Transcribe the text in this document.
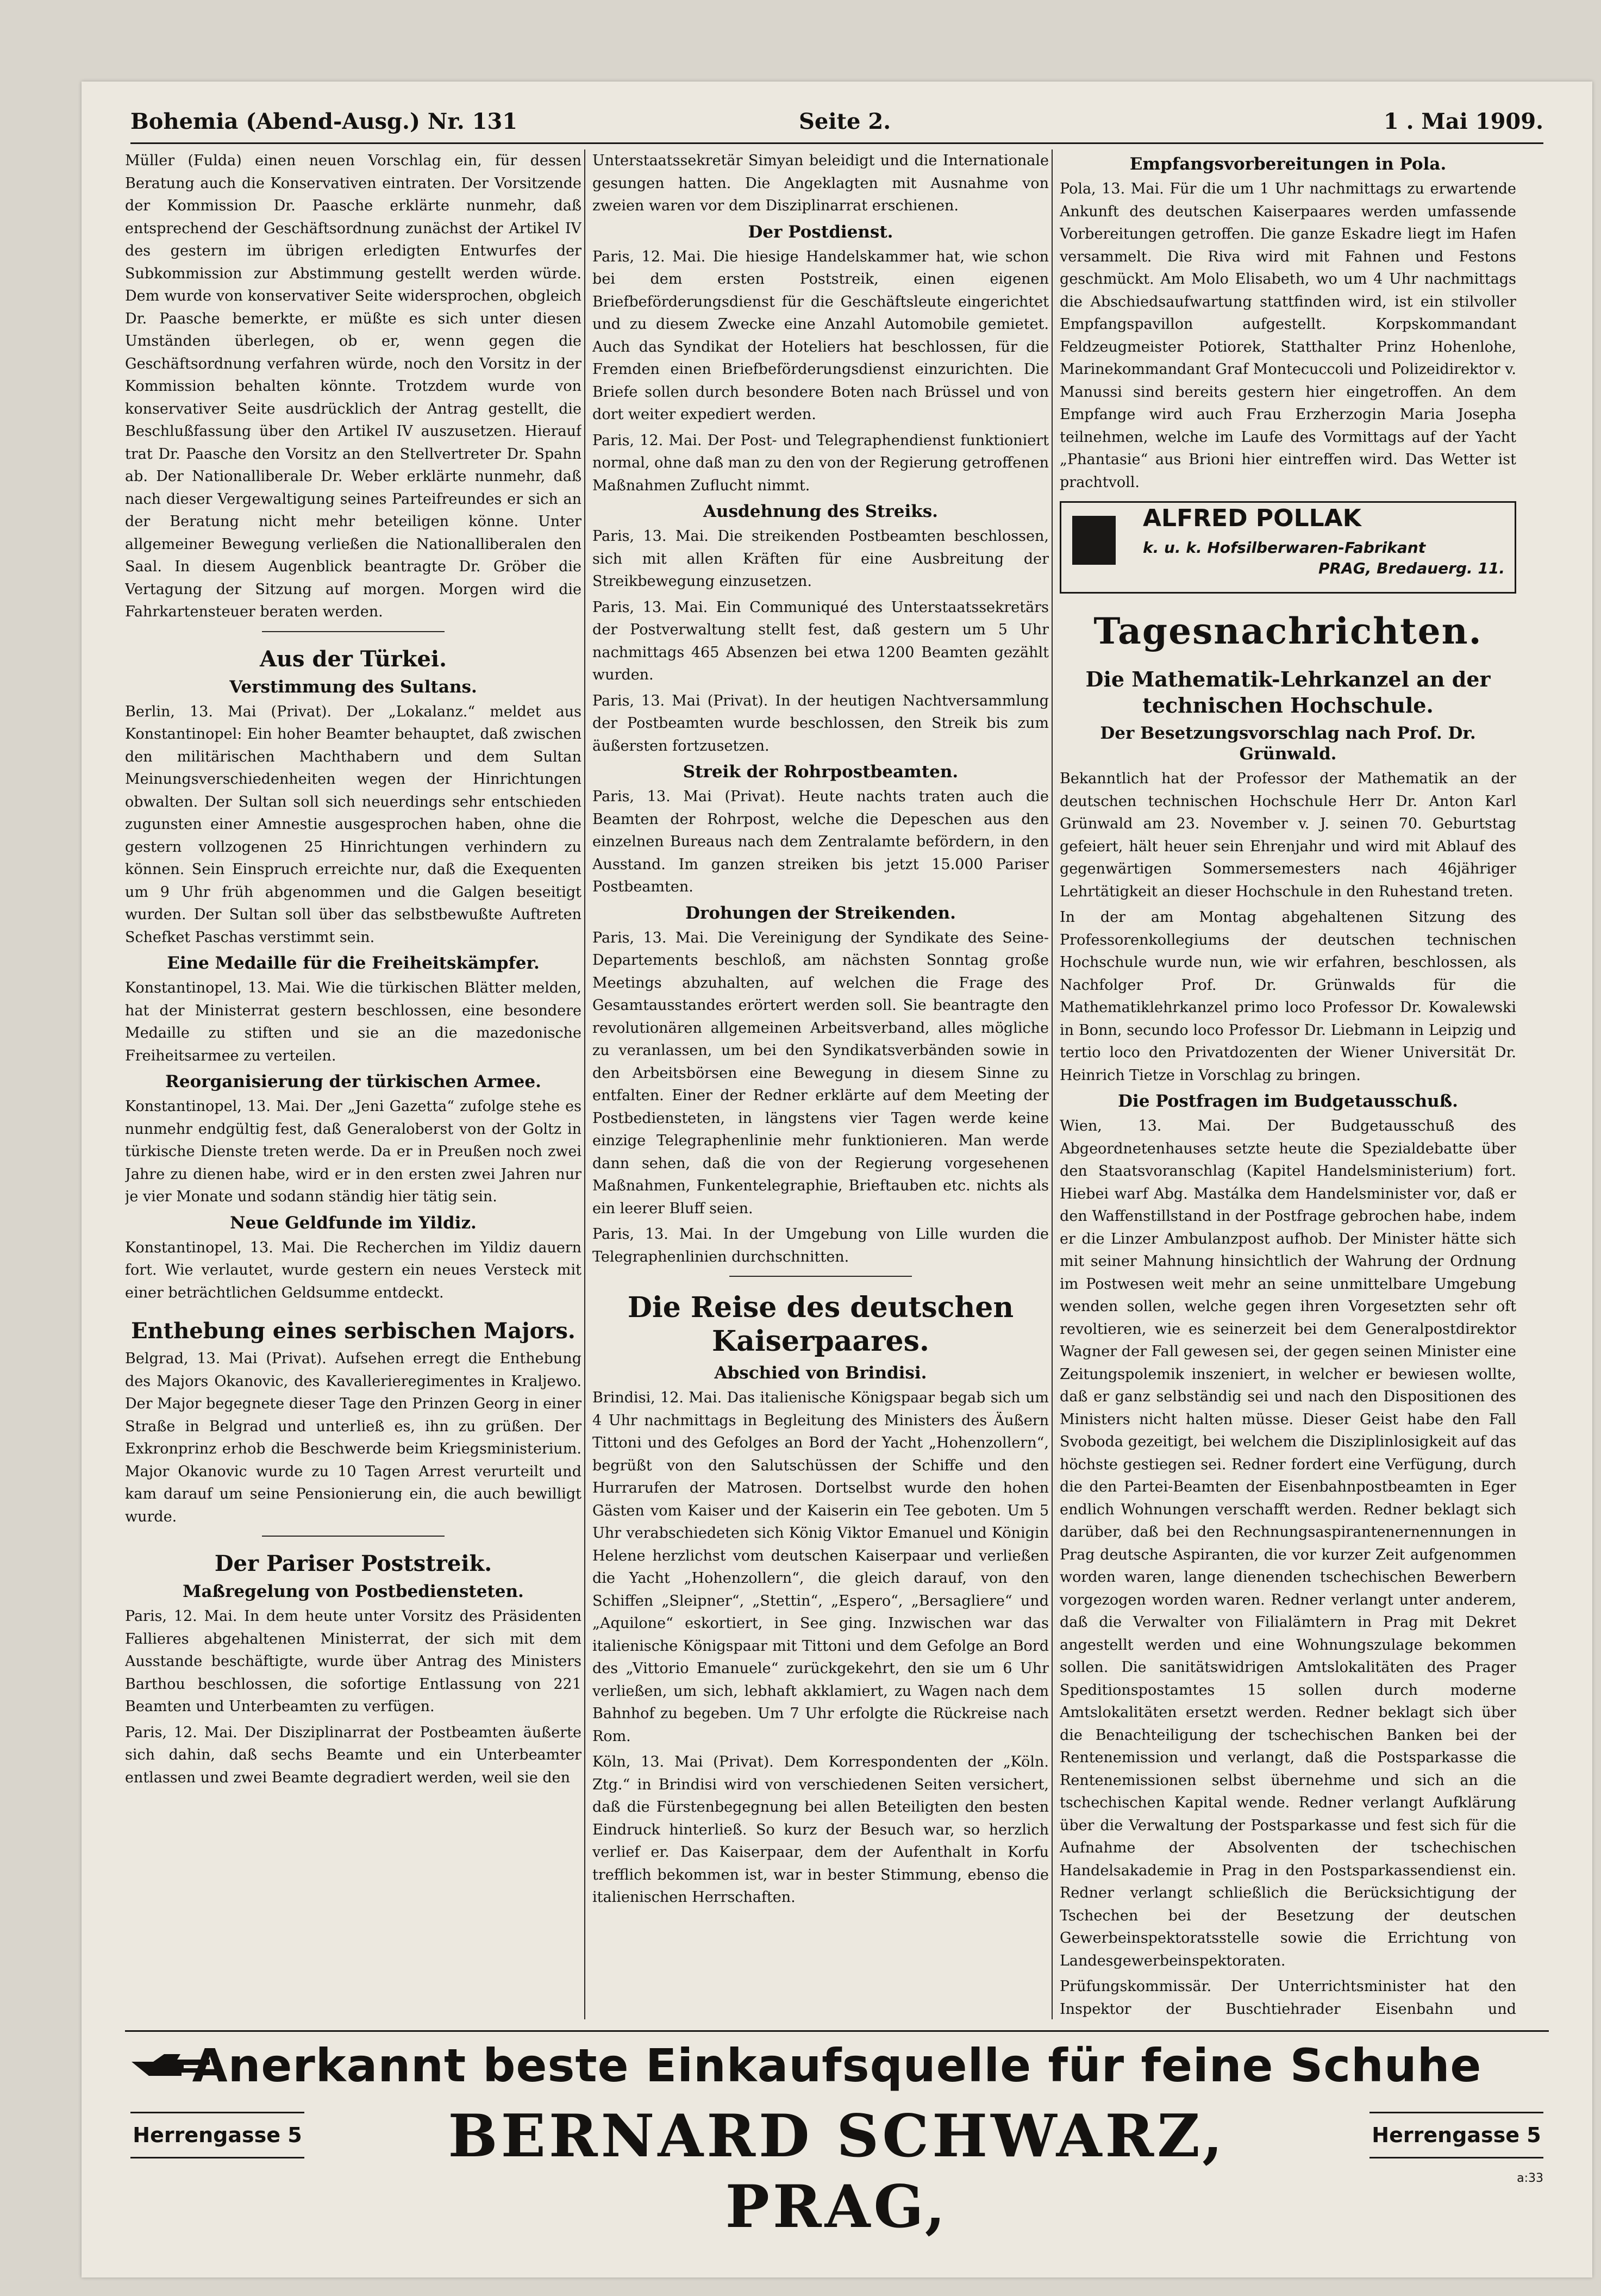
Bohemia (Abend-Ausg.) Nr. 131	Seite 2.	1 . Mai 1909.

Müller (Fulda) einen neuen Vorschlag ein, für dessen Beratung auch die Konservativen eintraten. Der Vorsitzende der Kommission Dr. Paasche erklärte nunmehr, daß entsprechend der Geschäftsordnung zunächst der Artikel IV des gestern im übrigen erledigten Entwurfes der Subkommission zur Abstimmung gestellt werden würde. Dem wurde von konservativer Seite widersprochen, obgleich Dr. Paasche bemerkte, er müßte es sich unter diesen Umständen überlegen, ob er, wenn gegen die Geschäftsordnung verfahren würde, noch den Vorsitz in der Kommission behalten könnte. Trotzdem wurde von konservativer Seite ausdrücklich der Antrag gestellt, die Beschlußfassung über den Artikel IV auszusetzen. Hierauf trat Dr. Paasche den Vorsitz an den Stellvertreter Dr. Spahn ab. Der Nationalliberale Dr. Weber erklärte nunmehr, daß nach dieser Vergewaltigung seines Parteifreundes er sich an der Beratung nicht mehr beteiligen könne. Unter allgemeiner Bewegung verließen die Nationalliberalen den Saal. In diesem Augenblick beantragte Dr. Gröber die Vertagung der Sitzung auf morgen. Morgen wird die Fahrkartensteuer beraten werden.

Aus der Türkei.
Verstimmung des Sultans.

Berlin, 13. Mai (Privat). Der „Lokalanz.“ meldet aus Konstantinopel: Ein hoher Beamter behauptet, daß zwischen den militärischen Machthabern und dem Sultan Meinungsverschiedenheiten wegen der Hinrichtungen obwalten. Der Sultan soll sich neuerdings sehr entschieden zugunsten einer Amnestie ausgesprochen haben, ohne die gestern vollzogenen 25 Hinrichtungen verhindern zu können. Sein Einspruch erreichte nur, daß die Exequenten um 9 Uhr früh abgenommen und die Galgen beseitigt wurden. Der Sultan soll über das selbstbewußte Auftreten Schefket Paschas verstimmt sein.

Eine Medaille für die Freiheitskämpfer.

Konstantinopel, 13. Mai. Wie die türkischen Blätter melden, hat der Ministerrat gestern beschlossen, eine besondere Medaille zu stiften und sie an die mazedonische Freiheitsarmee zu verteilen.

Reorganisierung der türkischen Armee.

Konstantinopel, 13. Mai. Der „Jeni Gazetta“ zufolge stehe es nunmehr endgültig fest, daß Generaloberst von der Goltz in türkische Dienste treten werde. Da er in Preußen noch zwei Jahre zu dienen habe, wird er in den ersten zwei Jahren nur je vier Monate und sodann ständig hier tätig sein.

Neue Geldfunde im Yildiz.

Konstantinopel, 13. Mai. Die Recherchen im Yildiz dauern fort. Wie verlautet, wurde gestern ein neues Versteck mit einer beträchtlichen Geldsumme entdeckt.

Enthebung eines serbischen Majors.

Belgrad, 13. Mai (Privat). Aufsehen erregt die Enthebung des Majors Okanovic, des Kavallerieregimentes in Kraljewo. Der Major begegnete dieser Tage den Prinzen Georg in einer Straße in Belgrad und unterließ es, ihn zu grüßen. Der Exkronprinz erhob die Beschwerde beim Kriegsministerium. Major Okanovic wurde zu 10 Tagen Arrest verurteilt und kam darauf um seine Pensionierung ein, die auch bewilligt wurde.

Der Pariser Poststreik.
Maßregelung von Postbediensteten.

Paris, 12. Mai. In dem heute unter Vorsitz des Präsidenten Fallieres abgehaltenen Ministerrat, der sich mit dem Ausstande beschäftigte, wurde über Antrag des Ministers Barthou beschlossen, die sofortige Entlassung von 221 Beamten und Unterbeamten zu verfügen.

Paris, 12. Mai. Der Disziplinarrat der Postbeamten äußerte sich dahin, daß sechs Beamte und ein Unterbeamter entlassen und zwei Beamte degradiert werden, weil sie den

Unterstaatssekretär Simyan beleidigt und die Internationale gesungen hatten. Die Angeklagten mit Ausnahme von zweien waren vor dem Disziplinarrat erschienen.

Der Postdienst.

Paris, 12. Mai. Die hiesige Handelskammer hat, wie schon bei dem ersten Poststreik, einen eigenen Briefbeförderungsdienst für die Geschäftsleute eingerichtet und zu diesem Zwecke eine Anzahl Automobile gemietet. Auch das Syndikat der Hoteliers hat beschlossen, für die Fremden einen Briefbeförderungsdienst einzurichten. Die Briefe sollen durch besondere Boten nach Brüssel und von dort weiter expediert werden.

Paris, 12. Mai. Der Post- und Telegraphendienst funktioniert normal, ohne daß man zu den von der Regierung getroffenen Maßnahmen Zuflucht nimmt.

Ausdehnung des Streiks.

Paris, 13. Mai. Die streikenden Postbeamten beschlossen, sich mit allen Kräften für eine Ausbreitung der Streikbewegung einzusetzen.

Paris, 13. Mai. Ein Communiqué des Unterstaatssekretärs der Postverwaltung stellt fest, daß gestern um 5 Uhr nachmittags 465 Absenzen bei etwa 1200 Beamten gezählt wurden.

Paris, 13. Mai (Privat). In der heutigen Nachtversammlung der Postbeamten wurde beschlossen, den Streik bis zum äußersten fortzusetzen.

Streik der Rohrpostbeamten.

Paris, 13. Mai (Privat). Heute nachts traten auch die Beamten der Rohrpost, welche die Depeschen aus den einzelnen Bureaus nach dem Zentralamte befördern, in den Ausstand. Im ganzen streiken bis jetzt 15.000 Pariser Postbeamten.

Drohungen der Streikenden.

Paris, 13. Mai. Die Vereinigung der Syndikate des Seine-Departements beschloß, am nächsten Sonntag große Meetings abzuhalten, auf welchen die Frage des Gesamtausstandes erörtert werden soll. Sie beantragte den revolutionären allgemeinen Arbeitsverband, alles mögliche zu veranlassen, um bei den Syndikatsverbänden sowie in den Arbeitsbörsen eine Bewegung in diesem Sinne zu entfalten. Einer der Redner erklärte auf dem Meeting der Postbediensteten, in längstens vier Tagen werde keine einzige Telegraphenlinie mehr funktionieren. Man werde dann sehen, daß die von der Regierung vorgesehenen Maßnahmen, Funkentelegraphie, Brieftauben etc. nichts als ein leerer Bluff seien.

Paris, 13. Mai. In der Umgebung von Lille wurden die Telegraphenlinien durchschnitten.

Die Reise des deutschen Kaiserpaares.
Abschied von Brindisi.

Brindisi, 12. Mai. Das italienische Königspaar begab sich um 4 Uhr nachmittags in Begleitung des Ministers des Äußern Tittoni und des Gefolges an Bord der Yacht „Hohenzollern“, begrüßt von den Salutschüssen der Schiffe und den Hurrarufen der Matrosen. Dortselbst wurde den hohen Gästen vom Kaiser und der Kaiserin ein Tee geboten. Um 5 Uhr verabschiedeten sich König Viktor Emanuel und Königin Helene herzlichst vom deutschen Kaiserpaar und verließen die Yacht „Hohenzollern“, die gleich darauf, von den Schiffen „Sleipner“, „Stettin“, „Espero“, „Bersagliere“ und „Aquilone“ eskortiert, in See ging. Inzwischen war das italienische Königspaar mit Tittoni und dem Gefolge an Bord des „Vittorio Emanuele“ zurückgekehrt, den sie um 6 Uhr verließen, um sich, lebhaft akklamiert, zu Wagen nach dem Bahnhof zu begeben. Um 7 Uhr erfolgte die Rückreise nach Rom.

Köln, 13. Mai (Privat). Dem Korrespondenten der „Köln. Ztg.“ in Brindisi wird von verschiedenen Seiten versichert, daß die Fürstenbegegnung bei allen Beteiligten den besten Eindruck hinterließ. So kurz der Besuch war, so herzlich verlief er. Das Kaiserpaar, dem der Aufenthalt in Korfu trefflich bekommen ist, war in bester Stimmung, ebenso die italienischen Herrschaften.

Empfangsvorbereitungen in Pola.

Pola, 13. Mai. Für die um 1 Uhr nachmittags zu erwartende Ankunft des deutschen Kaiserpaares werden umfassende Vorbereitungen getroffen. Die ganze Eskadre liegt im Hafen versammelt. Die Riva wird mit Fahnen und Festons geschmückt. Am Molo Elisabeth, wo um 4 Uhr nachmittags die Abschiedsaufwartung stattfinden wird, ist ein stilvoller Empfangspavillon aufgestellt. Korpskommandant Feldzeugmeister Potiorek, Statthalter Prinz Hohenlohe, Marinekommandant Graf Montecuccoli und Polizeidirektor v. Manussi sind bereits gestern hier eingetroffen. An dem Empfange wird auch Frau Erzherzogin Maria Josepha teilnehmen, welche im Laufe des Vormittags auf der Yacht „Phantasie“ aus Brioni hier eintreffen wird. Das Wetter ist prachtvoll.

ALFRED POLLAK
k. u. k. Hofsilberwaren-Fabrikant
PRAG, Bredauerg. 11.
Tagesnachrichten.
Die Mathematik-Lehrkanzel an der technischen Hochschule.
Der Besetzungsvorschlag nach Prof. Dr. Grünwald.

Bekanntlich hat der Professor der Mathematik an der deutschen technischen Hochschule Herr Dr. Anton Karl Grünwald am 23. November v. J. seinen 70. Geburtstag gefeiert, hält heuer sein Ehrenjahr und wird mit Ablauf des gegenwärtigen Sommersemesters nach 46jähriger Lehrtätigkeit an dieser Hochschule in den Ruhestand treten.

In der am Montag abgehaltenen Sitzung des Professorenkollegiums der deutschen technischen Hochschule wurde nun, wie wir erfahren, beschlossen, als Nachfolger Prof. Dr. Grünwalds für die Mathematiklehrkanzel primo loco Professor Dr. Kowalewski in Bonn, secundo loco Professor Dr. Liebmann in Leipzig und tertio loco den Privatdozenten der Wiener Universität Dr. Heinrich Tietze in Vorschlag zu bringen.

Die Postfragen im Budgetausschuß.

Wien, 13. Mai. Der Budgetausschuß des Abgeordnetenhauses setzte heute die Spezialdebatte über den Staatsvoranschlag (Kapitel Handelsministerium) fort. Hiebei warf Abg. Mastálka dem Handelsminister vor, daß er den Waffenstillstand in der Postfrage gebrochen habe, indem er die Linzer Ambulanzpost aufhob. Der Minister hätte sich mit seiner Mahnung hinsichtlich der Wahrung der Ordnung im Postwesen weit mehr an seine unmittelbare Umgebung wenden sollen, welche gegen ihren Vorgesetzten sehr oft revoltieren, wie es seinerzeit bei dem Generalpostdirektor Wagner der Fall gewesen sei, der gegen seinen Minister eine Zeitungspolemik inszeniert, in welcher er bewiesen wollte, daß er ganz selbständig sei und nach den Dispositionen des Ministers nicht halten müsse. Dieser Geist habe den Fall Svoboda gezeitigt, bei welchem die Disziplinlosigkeit auf das höchste gestiegen sei. Redner fordert eine Verfügung, durch die den Partei-Beamten der Eisenbahnpostbeamten in Eger endlich Wohnungen verschafft werden. Redner beklagt sich darüber, daß bei den Rechnungsaspirantenernennungen in Prag deutsche Aspiranten, die vor kurzer Zeit aufgenommen worden waren, lange dienenden tschechischen Bewerbern vorgezogen worden waren. Redner verlangt unter anderem, daß die Verwalter von Filialämtern in Prag mit Dekret angestellt werden und eine Wohnungszulage bekommen sollen. Die sanitätswidrigen Amtslokalitäten des Prager Speditionspostamtes 15 sollen durch moderne Amtslokalitäten ersetzt werden. Redner beklagt sich über die Benachteiligung der tschechischen Banken bei der Rentenemission und verlangt, daß die Postsparkasse die Rentenemissionen selbst übernehme und sich an die tschechischen Kapital wende. Redner verlangt Aufklärung über die Verwaltung der Postsparkasse und fest sich für die Aufnahme der Absolventen der tschechischen Handelsakademie in Prag in den Postsparkassendienst ein. Redner verlangt schließlich die Berücksichtigung der Tschechen bei der Besetzung der deutschen Gewerbeinspektoratsstelle sowie die Errichtung von Landesgewerbeinspektoraten.

Prüfungskommissär. Der Unterrichtsminister hat den Inspektor der Buschtiehrader Eisenbahn und

Anerkannt beste Einkaufsquelle für feine Schuhe
Herrengasse 5	BERNARD SCHWARZ, PRAG,
Herrengasse 5
a:33
